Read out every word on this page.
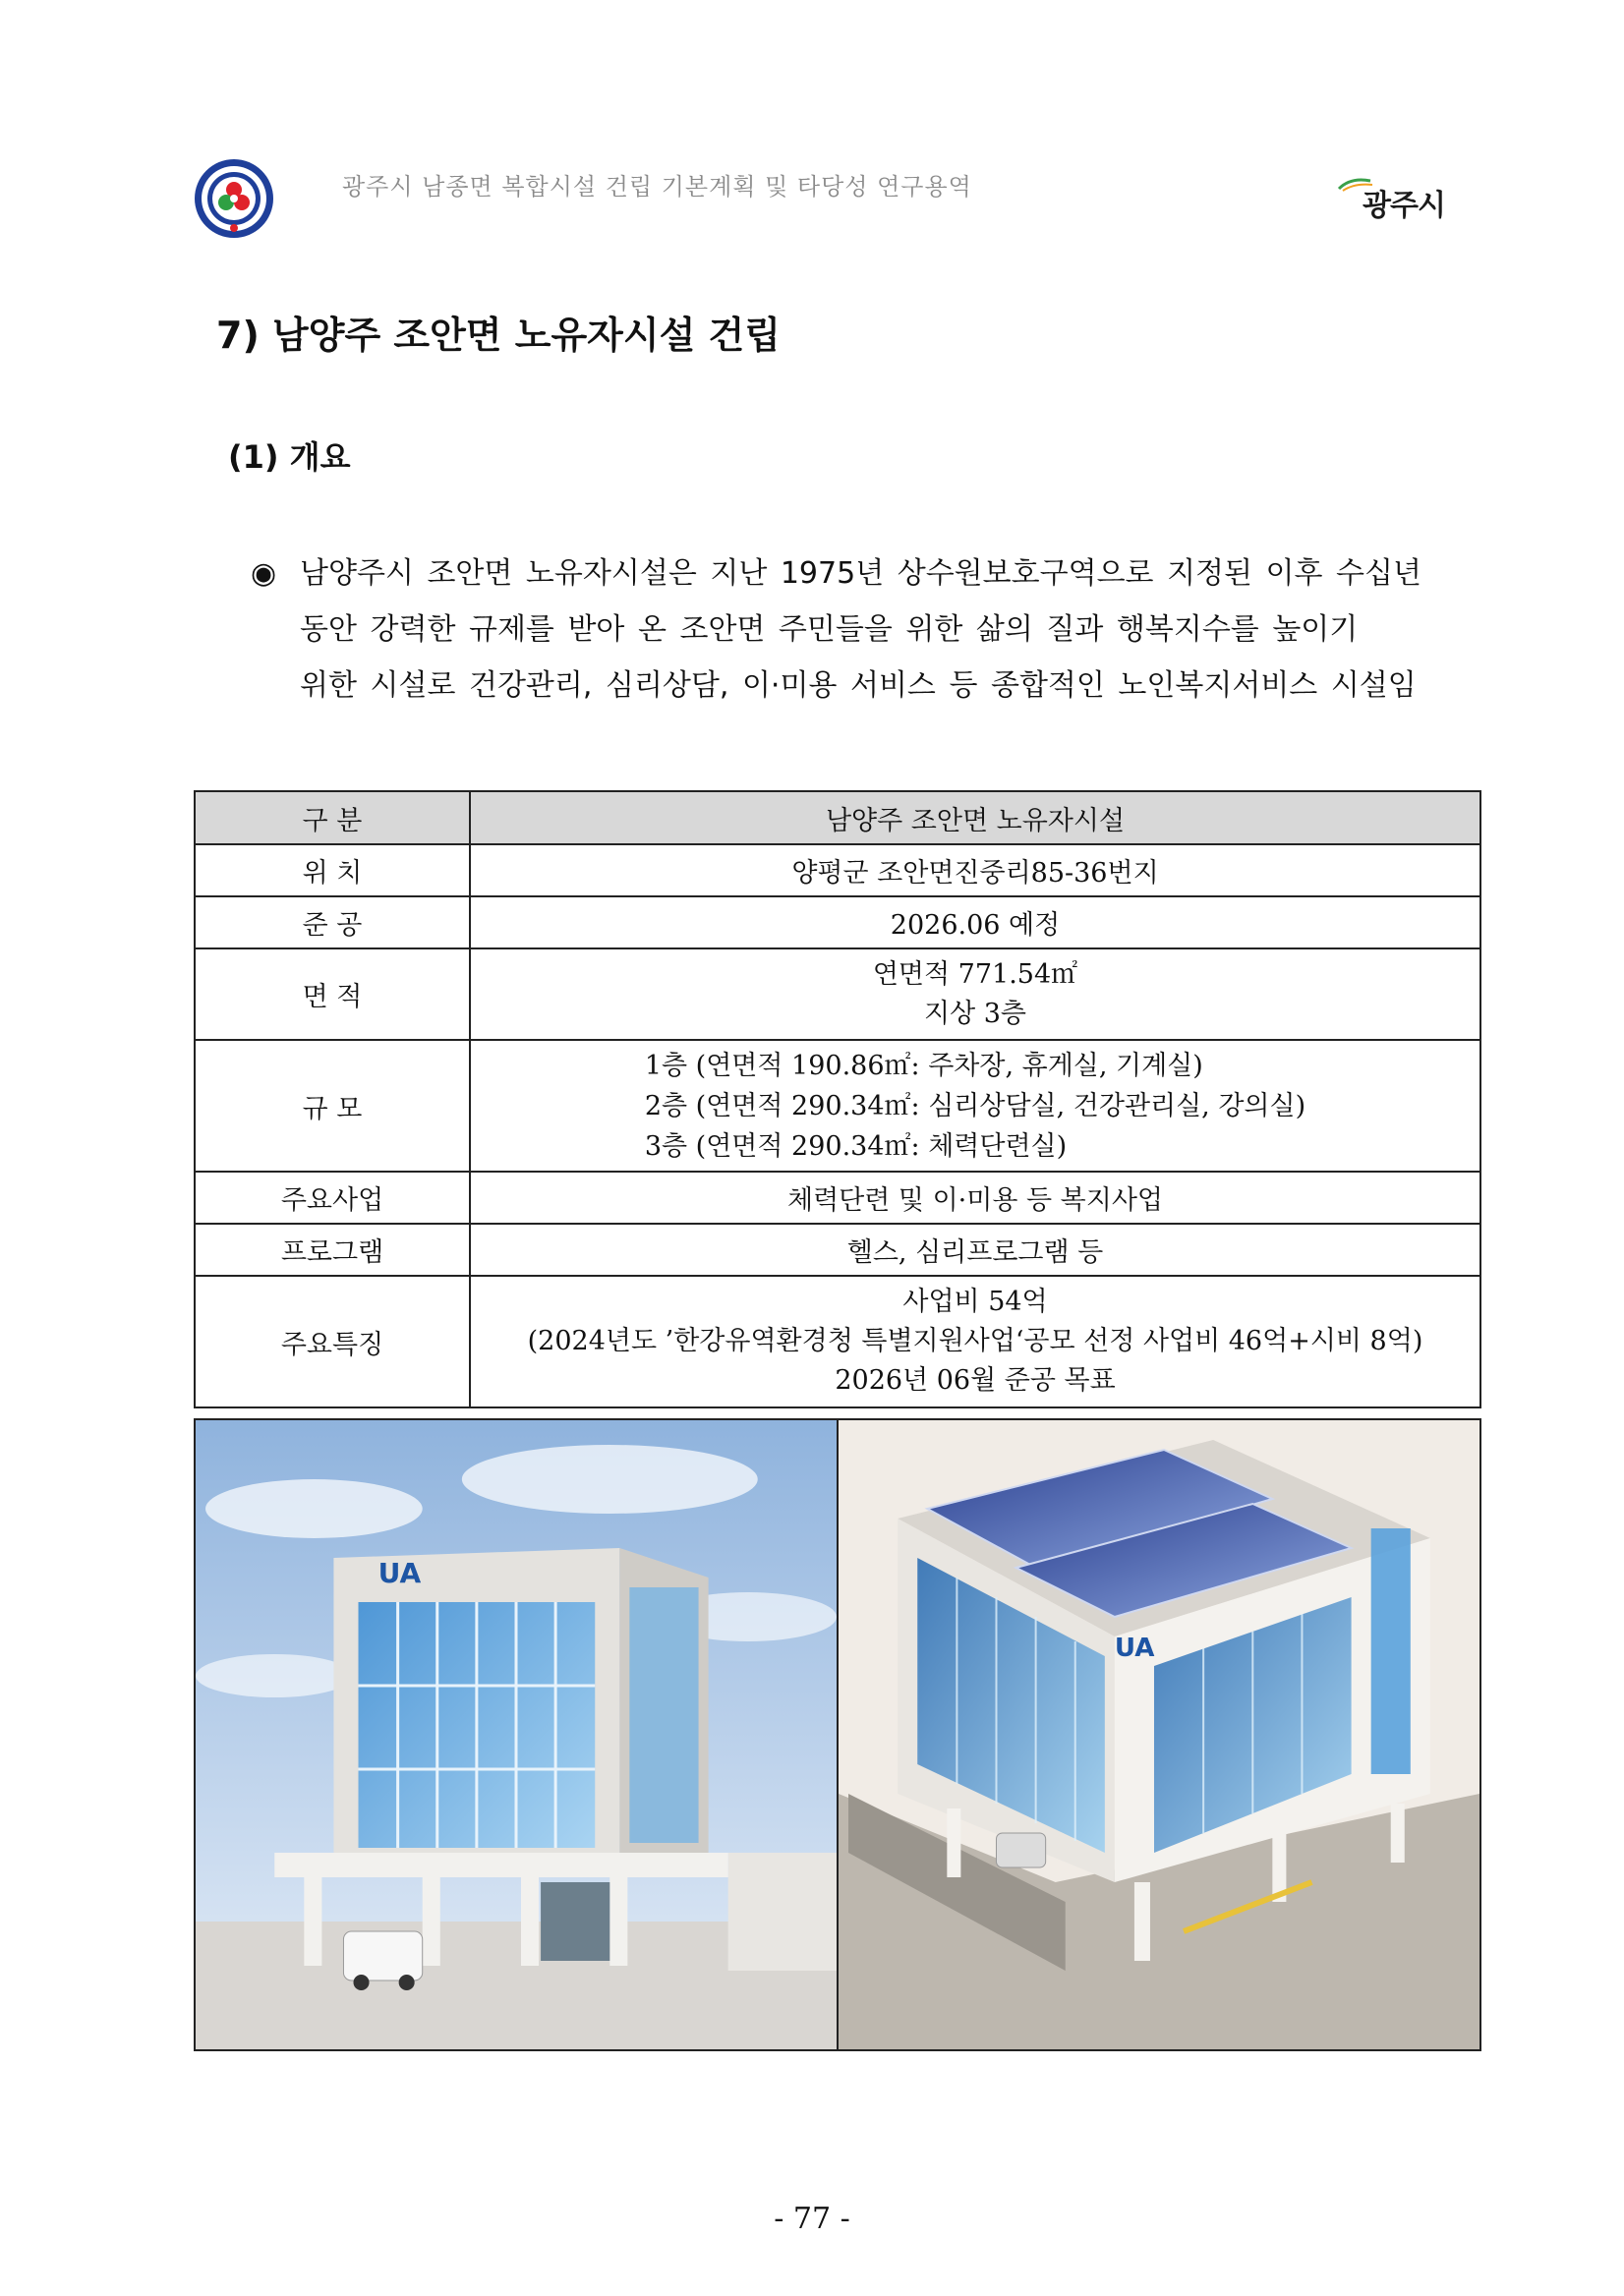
광주시 남종면 복합시설 건립 기본계획 및 타당성 연구용역
광주시
7) 남양주 조안면 노유자시설 건립
(1) 개요
◉ 남양주시 조안면 노유자시설은 지난 1975년 상수원보호구역으로 지정된 이후 수십년
동안 강력한 규제를 받아 온 조안면 주민들을 위한 삶의 질과 행복지수를 높이기
위한 시설로 건강관리, 심리상담, 이·미용 서비스 등 종합적인 노인복지서비스 시설임
구 분	남양주 조안면 노유자시설
위 치	양평군 조안면진중리85-36번지
준 공	2026.06 예정
면 적	연면적 771.54㎡
지상 3층

규 모	1층 (연면적 190.86㎡: 주차장, 휴게실, 기계실)
2층 (연면적 290.34㎡: 심리상담실, 건강관리실, 강의실)
3층 (연면적 290.34㎡: 체력단련실)

주요사업	체력단련 및 이·미용 등 복지사업
프로그램	헬스, 심리프로그램 등
주요특징	사업비 54억
(2024년도 ’한강유역환경청 특별지원사업‘공모 선정 사업비 46억+시비 8억)
2026년 06월 준공 목표
UA
UA
- 77 -
